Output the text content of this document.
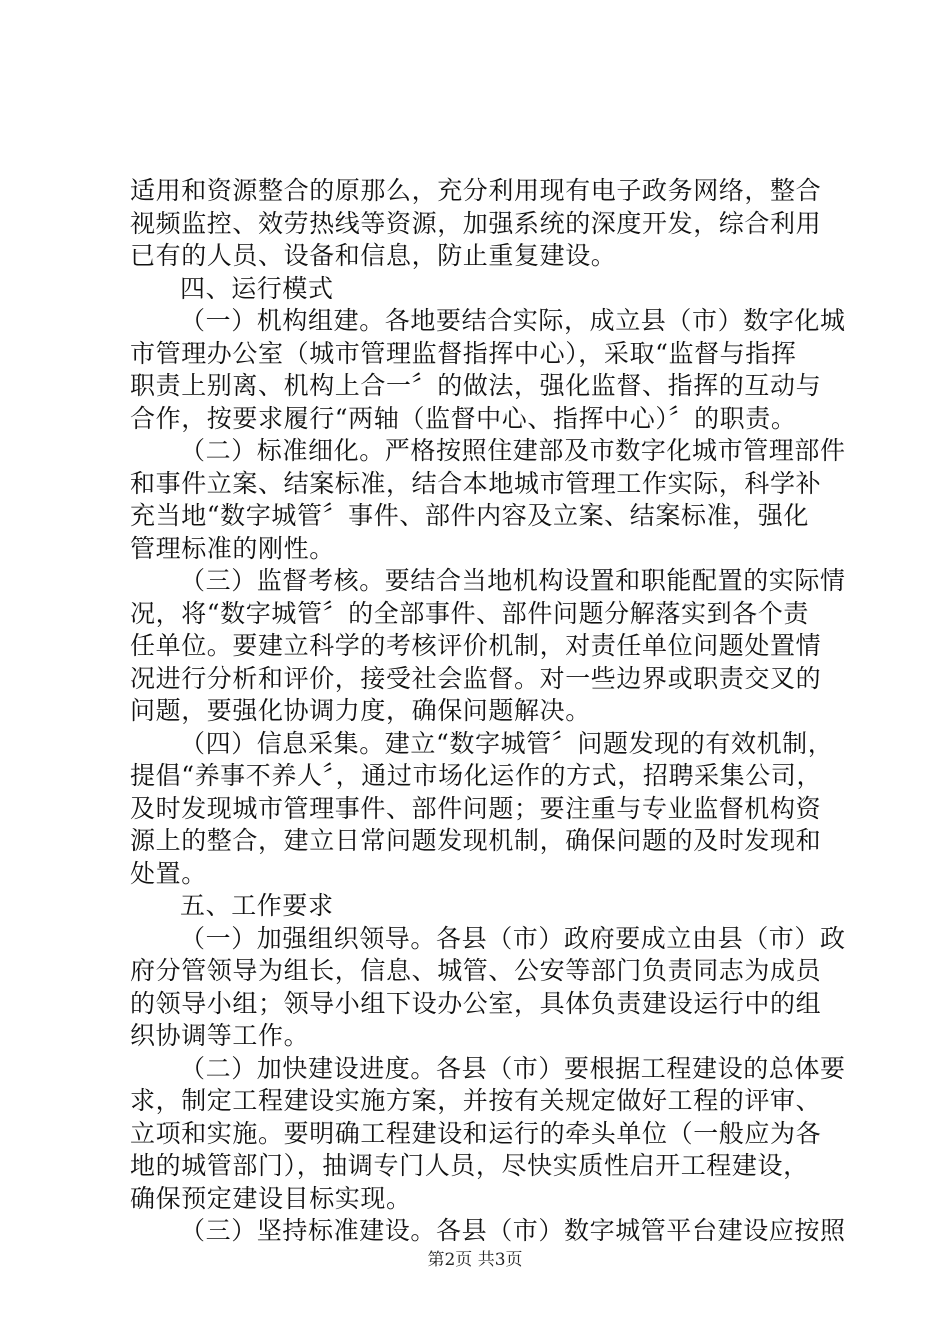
适用和资源整合的原那么，充分利用现有电子政务网络，整合
视频监控、效劳热线等资源，加强系统的深度开发，综合利用
已有的人员、设备和信息，防止重复建设。
四、运行模式
（一）机构组建。各地要结合实际，成立县（市）数字化城
市管理办公室（城市管理监督指挥中心），采取“监督与指挥
职责上别离、机构上合一〞的做法，强化监督、指挥的互动与
合作，按要求履行“两轴（监督中心、指挥中心）〞的职责。
（二）标准细化。严格按照住建部及市数字化城市管理部件
和事件立案、结案标准，结合本地城市管理工作实际，科学补
充当地“数字城管〞事件、部件内容及立案、结案标准，强化
管理标准的刚性。
（三）监督考核。要结合当地机构设置和职能配置的实际情
况，将“数字城管〞的全部事件、部件问题分解落实到各个责
任单位。要建立科学的考核评价机制，对责任单位问题处置情
况进行分析和评价，接受社会监督。对一些边界或职责交叉的
问题，要强化协调力度，确保问题解决。
（四）信息采集。建立“数字城管〞问题发现的有效机制，
提倡“养事不养人〞，通过市场化运作的方式，招聘采集公司，
及时发现城市管理事件、部件问题；要注重与专业监督机构资
源上的整合，建立日常问题发现机制，确保问题的及时发现和
处置。
五、工作要求
（一）加强组织领导。各县（市）政府要成立由县（市）政
府分管领导为组长，信息、城管、公安等部门负责同志为成员
的领导小组；领导小组下设办公室，具体负责建设运行中的组
织协调等工作。
（二）加快建设进度。各县（市）要根据工程建设的总体要
求，制定工程建设实施方案，并按有关规定做好工程的评审、
立项和实施。要明确工程建设和运行的牵头单位（一般应为各
地的城管部门），抽调专门人员，尽快实质性启开工程建设，
确保预定建设目标实现。
（三）坚持标准建设。各县（市）数字城管平台建设应按照
第2页 共3页
